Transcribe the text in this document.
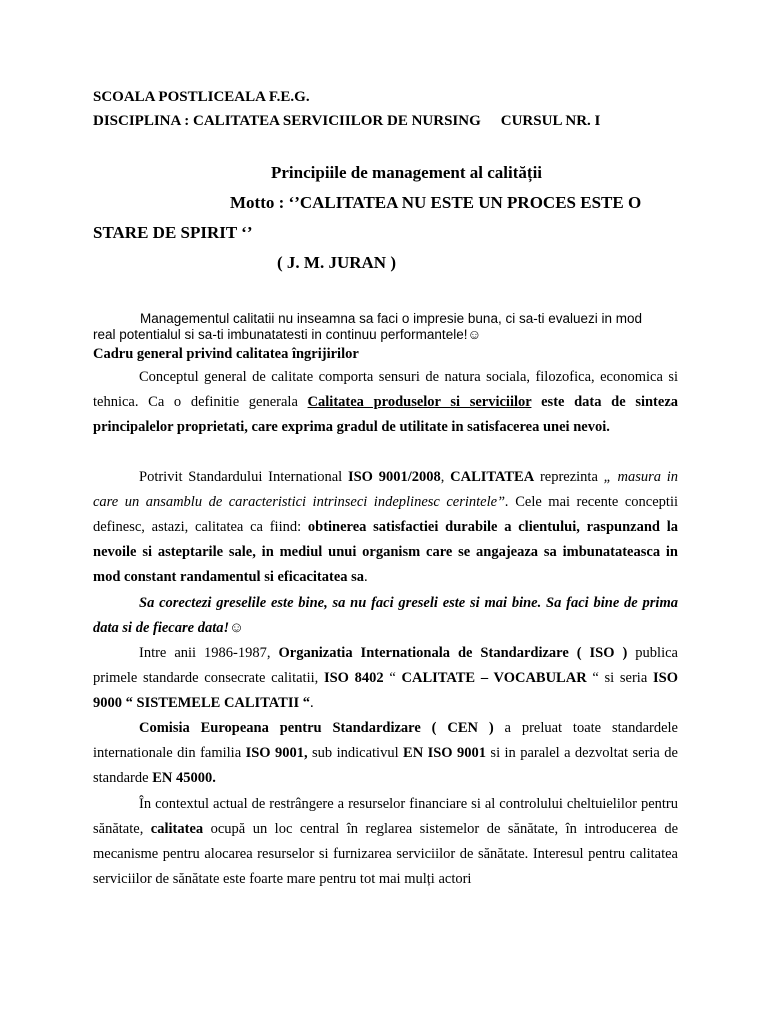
SCOALA POSTLICEALA F.E.G.
DISCIPLINA : CALITATEA SERVICIILOR DE NURSING CURSUL NR. I
Principiile de management al calității
Motto : ‘’CALITATEA NU ESTE UN PROCES ESTE O
STARE DE SPIRIT ‘’
( J. M. JURAN )
Managementul calitatii nu inseamna sa faci o impresie buna, ci sa-ti evaluezi in mod
real potentialul si sa-ti imbunatatesti in continuu performantele!☺
Cadru general privind calitatea îngrijirilor
Conceptul general de calitate comporta sensuri de natura sociala, filozofica, economica si tehnica. Ca o definitie generala Calitatea produselor si serviciilor este data de sinteza principalelor proprietati, care exprima gradul de utilitate in satisfacerea unei nevoi.
Potrivit Standardului International ISO 9001/2008, CALITATEA reprezinta „ masura in care un ansamblu de caracteristici intrinseci indeplinesc cerintele”. Cele mai recente conceptii definesc, astazi, calitatea ca fiind: obtinerea satisfactiei durabile a clientului, raspunzand la nevoile si asteptarile sale, in mediul unui organism care se angajeaza sa imbunatateasca in mod constant randamentul si eficacitatea sa.
Sa corectezi greselile este bine, sa nu faci greseli este si mai bine. Sa faci bine de prima data si de fiecare data!☺
Intre anii 1986-1987, Organizatia Internationala de Standardizare ( ISO ) publica primele standarde consecrate calitatii, ISO 8402 “ CALITATE – VOCABULAR “ si seria ISO 9000 “ SISTEMELE CALITATII “.
Comisia Europeana pentru Standardizare ( CEN ) a preluat toate standardele internationale din familia ISO 9001, sub indicativul EN ISO 9001 si in paralel a dezvoltat seria de standarde EN 45000.
În contextul actual de restrângere a resurselor financiare si al controlului cheltuielilor pentru sănătate, calitatea ocupă un loc central în reglarea sistemelor de sănătate, în introducerea de mecanisme pentru alocarea resurselor si furnizarea serviciilor de sănătate. Interesul pentru calitatea serviciilor de sănătate este foarte mare pentru tot mai mulți actori
